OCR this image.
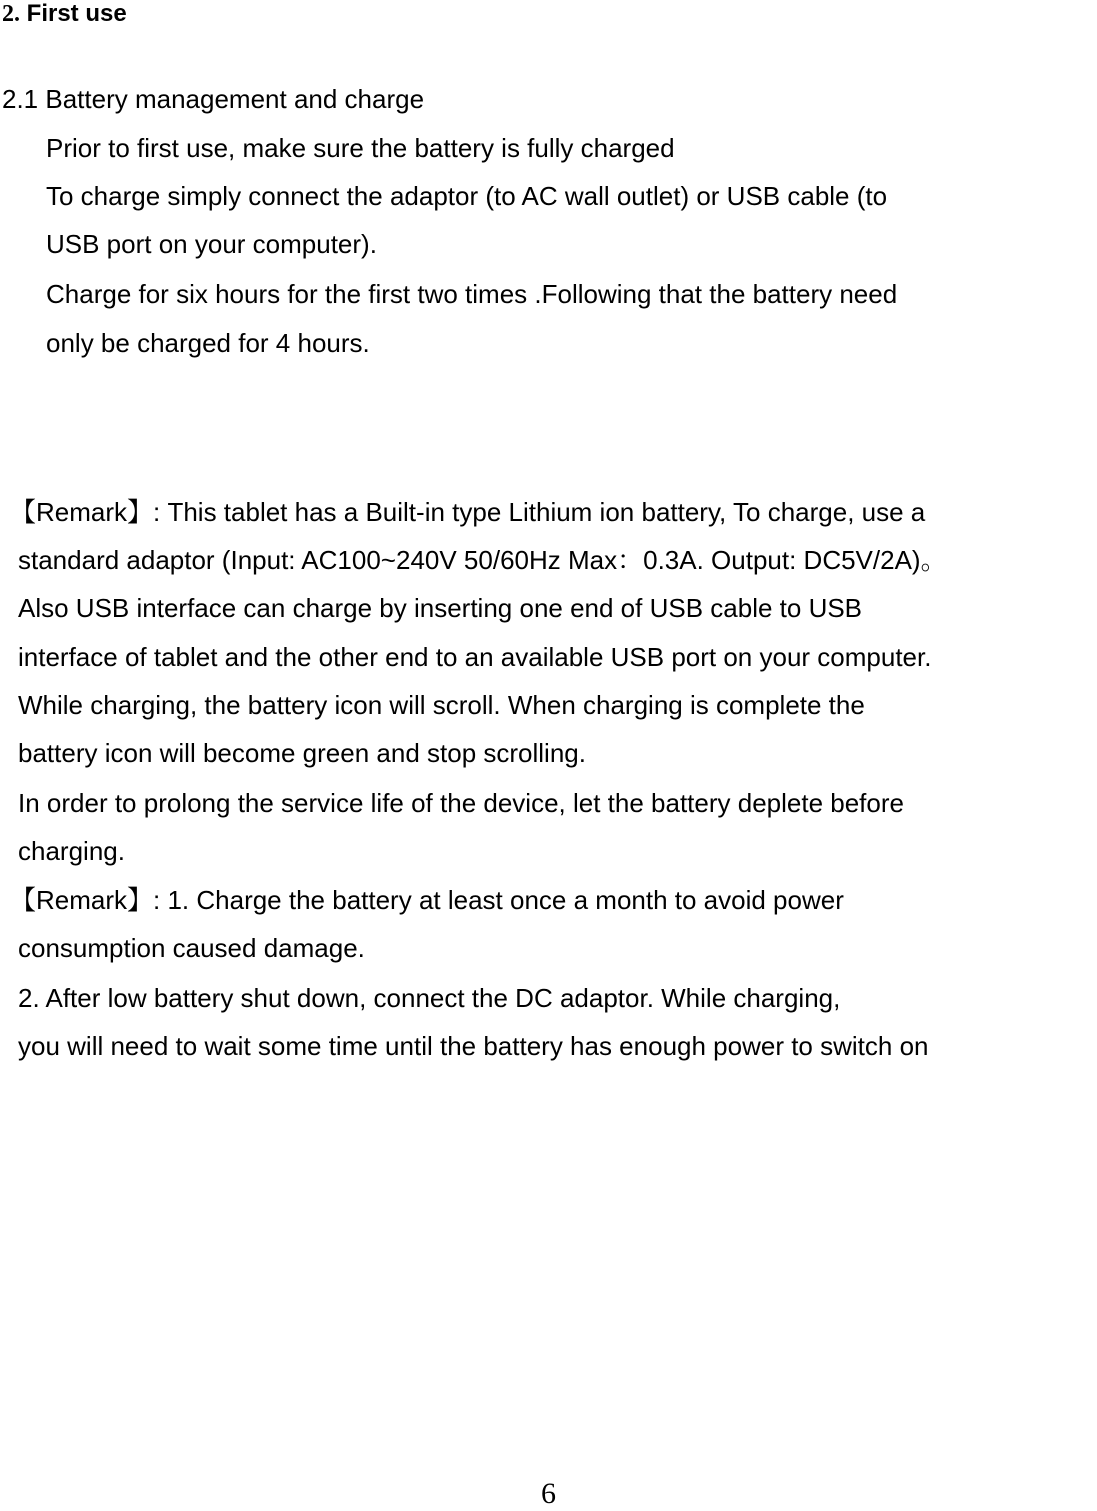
2. First use

2.1 Battery management and charge

Prior to first use, make sure the battery is fully charged

To charge simply connect the adaptor (to AC wall outlet) or USB cable (to

USB port on your computer).

Charge for six hours for the first two times .Following that the battery need

only be charged for 4 hours.

【Remark】: This tablet has a Built-in type Lithium ion battery, To charge, use a

standard adaptor (Input: AC100~240V 50/60Hz Max：0.3A. Output: DC5V/2A)。

Also USB interface can charge by inserting one end of USB cable to USB

interface of tablet and the other end to an available USB port on your computer.

While charging, the battery icon will scroll. When charging is complete the

battery icon will become green and stop scrolling.

In order to prolong the service life of the device, let the battery deplete before

charging.

【Remark】: 1. Charge the battery at least once a month to avoid power

consumption caused damage.

2. After low battery shut down, connect the DC adaptor. While charging,

you will need to wait some time until the battery has enough power to switch on

6
